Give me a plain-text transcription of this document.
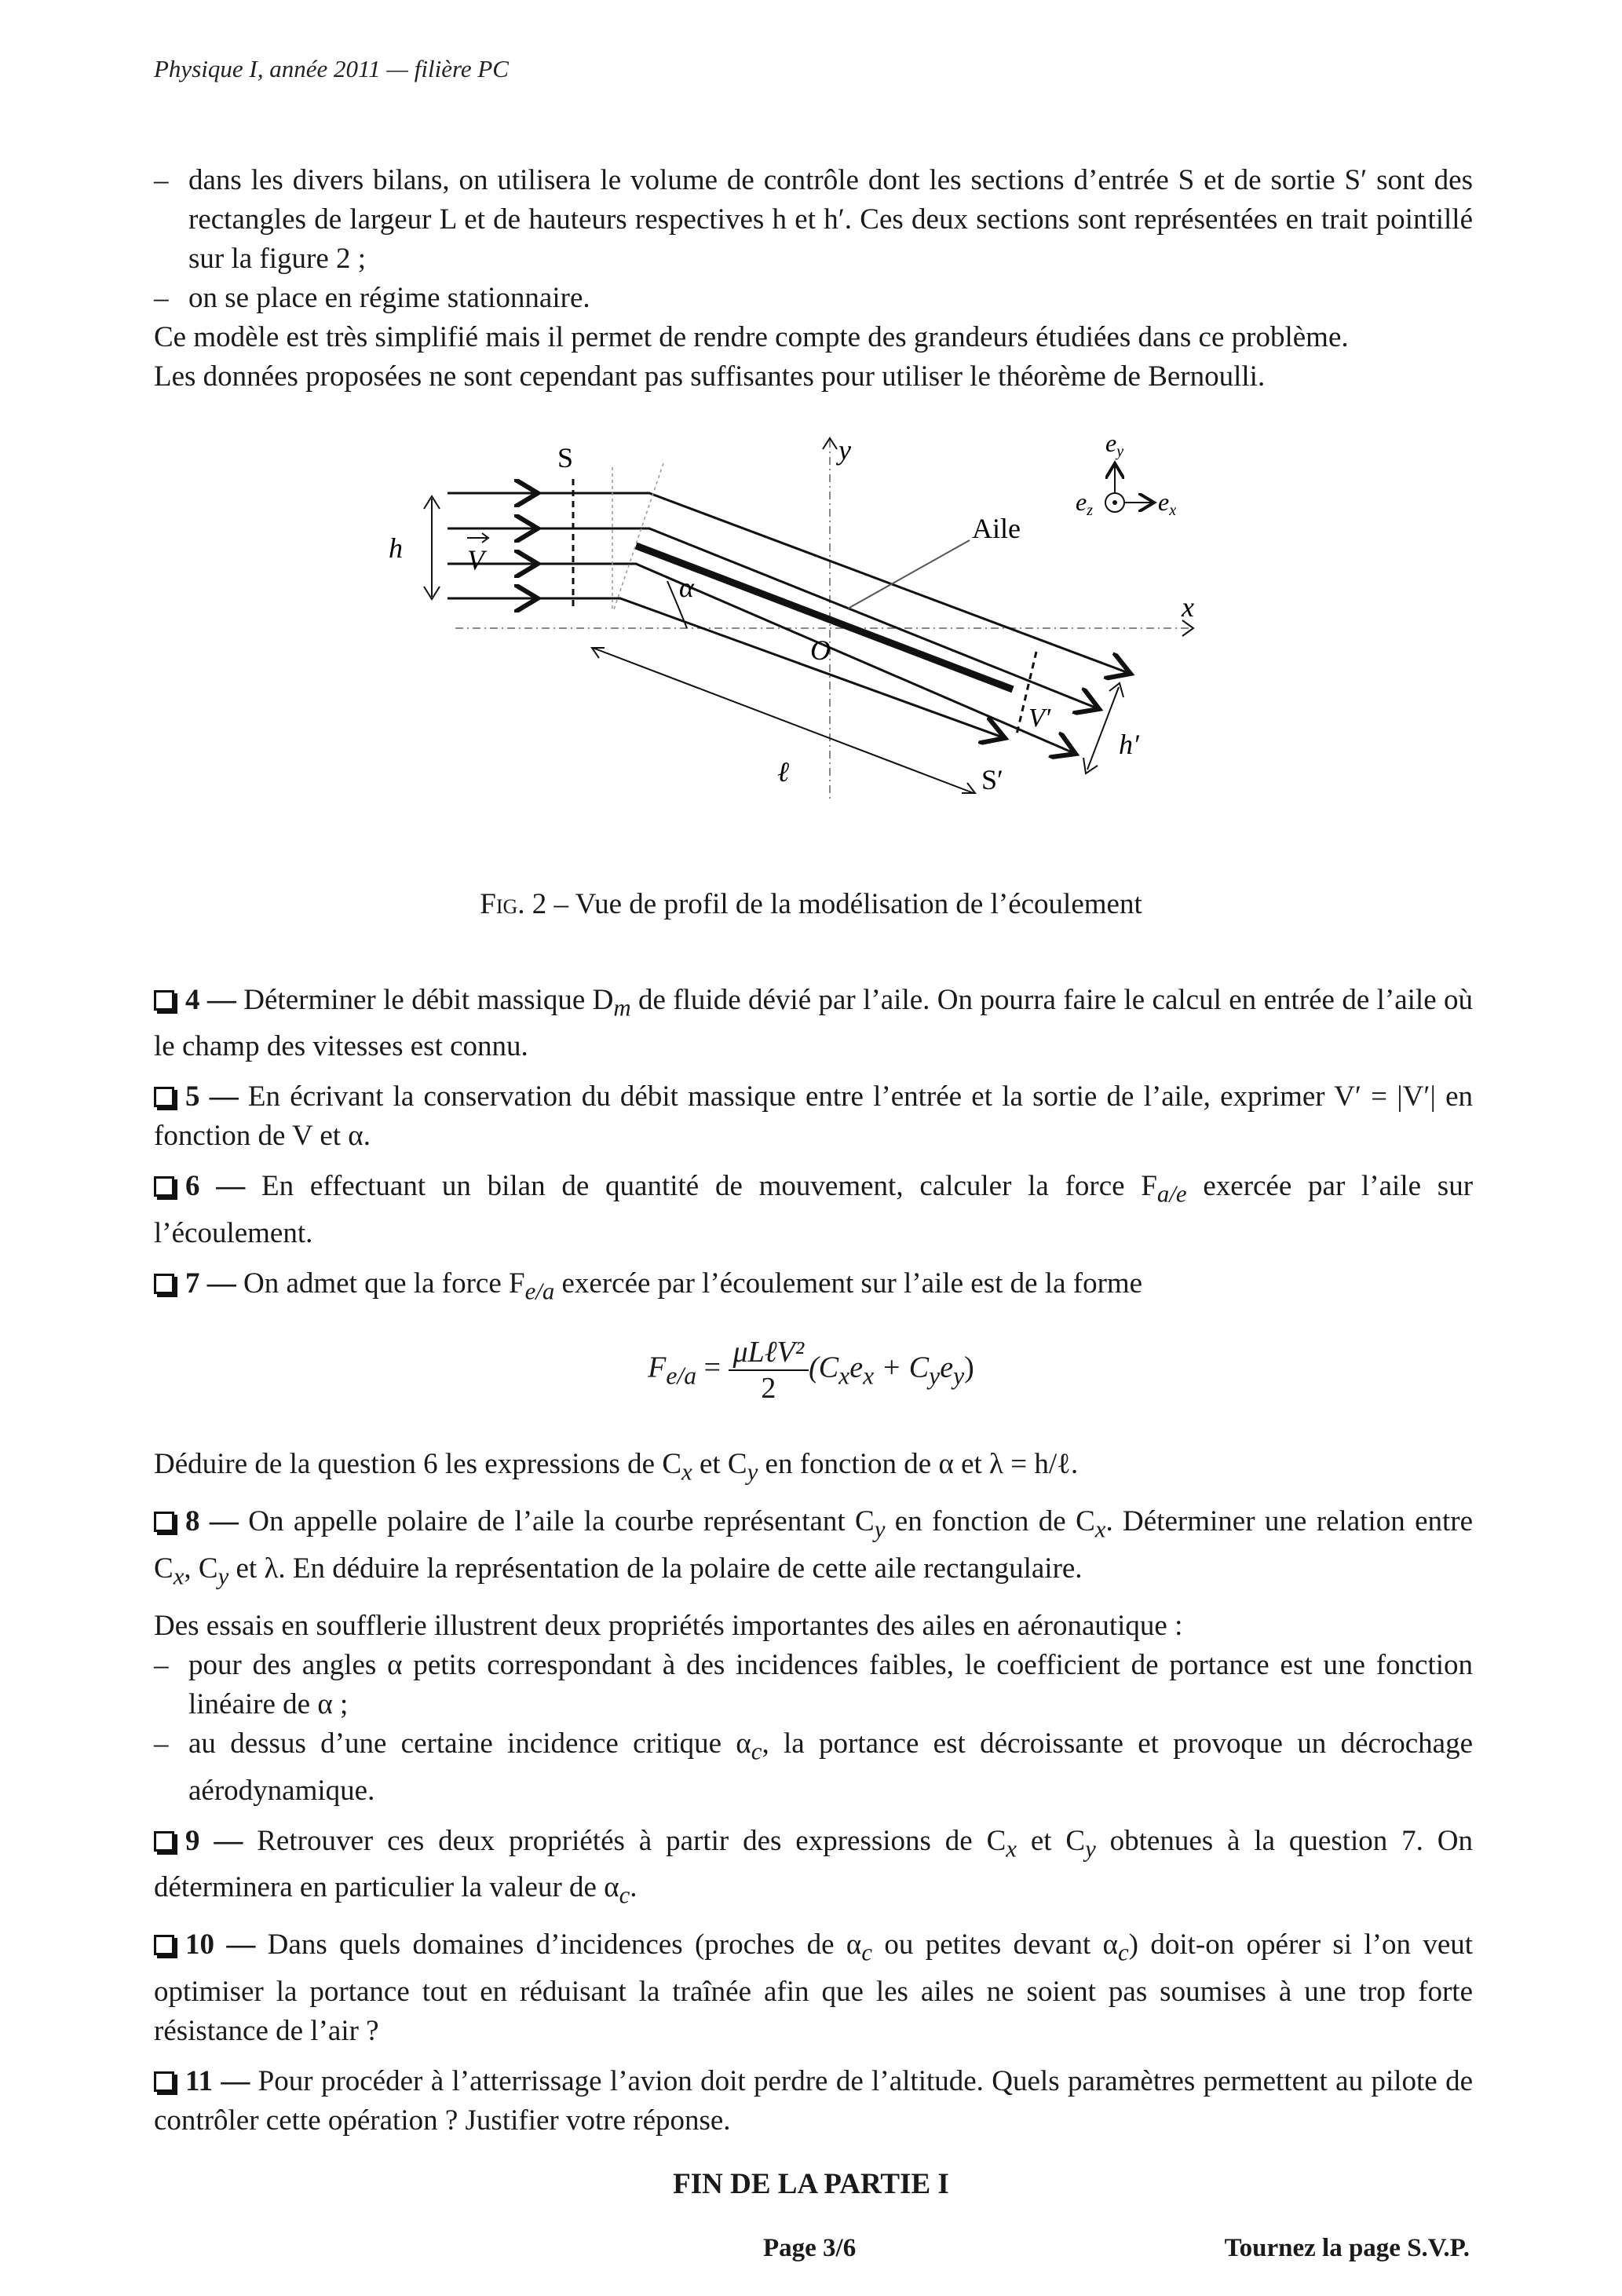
Physique I, année 2011 — filière PC
– dans les divers bilans, on utilisera le volume de contrôle dont les sections d’entrée S et de sortie S′ sont des rectangles de largeur L et de hauteurs respectives h et h′. Ces deux sections sont représentées en trait pointillé sur la figure 2 ;
– on se place en régime stationnaire.

Ce modèle est très simplifié mais il permet de rendre compte des grandeurs étudiées dans ce problème.

Les données proposées ne sont cependant pas suffisantes pour utiliser le théorème de Bernoulli.

y
x
Aile
S
S′
h V
α
O
V′
h′
ℓ
ey
ex
ez
Fig. 2 – Vue de profil de la modélisation de l’écoulement
4 — Déterminer le débit massique $D_m$ de fluide dévié par l’aile. On pourra faire le calcul en entrée de l’aile où le champ des vitesses est connu.
5 — En écrivant la conservation du débit massique entre l’entrée et la sortie de l’aile, exprimer V′ = |V′| en fonction de V et α.
6 — En effectuant un bilan de quantité de mouvement, calculer la force $F_{a/e}$ exercée par l’aile sur l’écoulement.
7 — On admet que la force $F_{e/a}$ exercée par l’écoulement sur l’aile est de la forme
$F_{e/a}$ = μLℓV²
2
$(C_xe_x + C_ye_y)$

Déduire de la question 6 les expressions de $C_x$ et $C_y$ en fonction de α et λ = h/ℓ.

8 — On appelle polaire de l’aile la courbe représentant $C_y$ en fonction de $C_x$. Déterminer une relation entre $C_x$, $C_y$ et λ. En déduire la représentation de la polaire de cette aile rectangulaire.

Des essais en soufflerie illustrent deux propriétés importantes des ailes en aéronautique :

– pour des angles α petits correspondant à des incidences faibles, le coefficient de portance est une fonction linéaire de α ;
– au dessus d’une certaine incidence critique $\alpha_c$, la portance est décroissante et provoque un décrochage aérodynamique.
9 — Retrouver ces deux propriétés à partir des expressions de $C_x$ et $C_y$ obtenues à la question 7. On déterminera en particulier la valeur de $\alpha_c$.
10 — Dans quels domaines d’incidences (proches de $\alpha_c$ ou petites devant $\alpha_c$) doit-on opérer si l’on veut optimiser la portance tout en réduisant la traînée afin que les ailes ne soient pas soumises à une trop forte résistance de l’air ?
11 — Pour procéder à l’atterrissage l’avion doit perdre de l’altitude. Quels paramètres permettent au pilote de contrôler cette opération ? Justifier votre réponse.
FIN DE LA PARTIE I
Page 3/6	Tournez la page S.V.P.
